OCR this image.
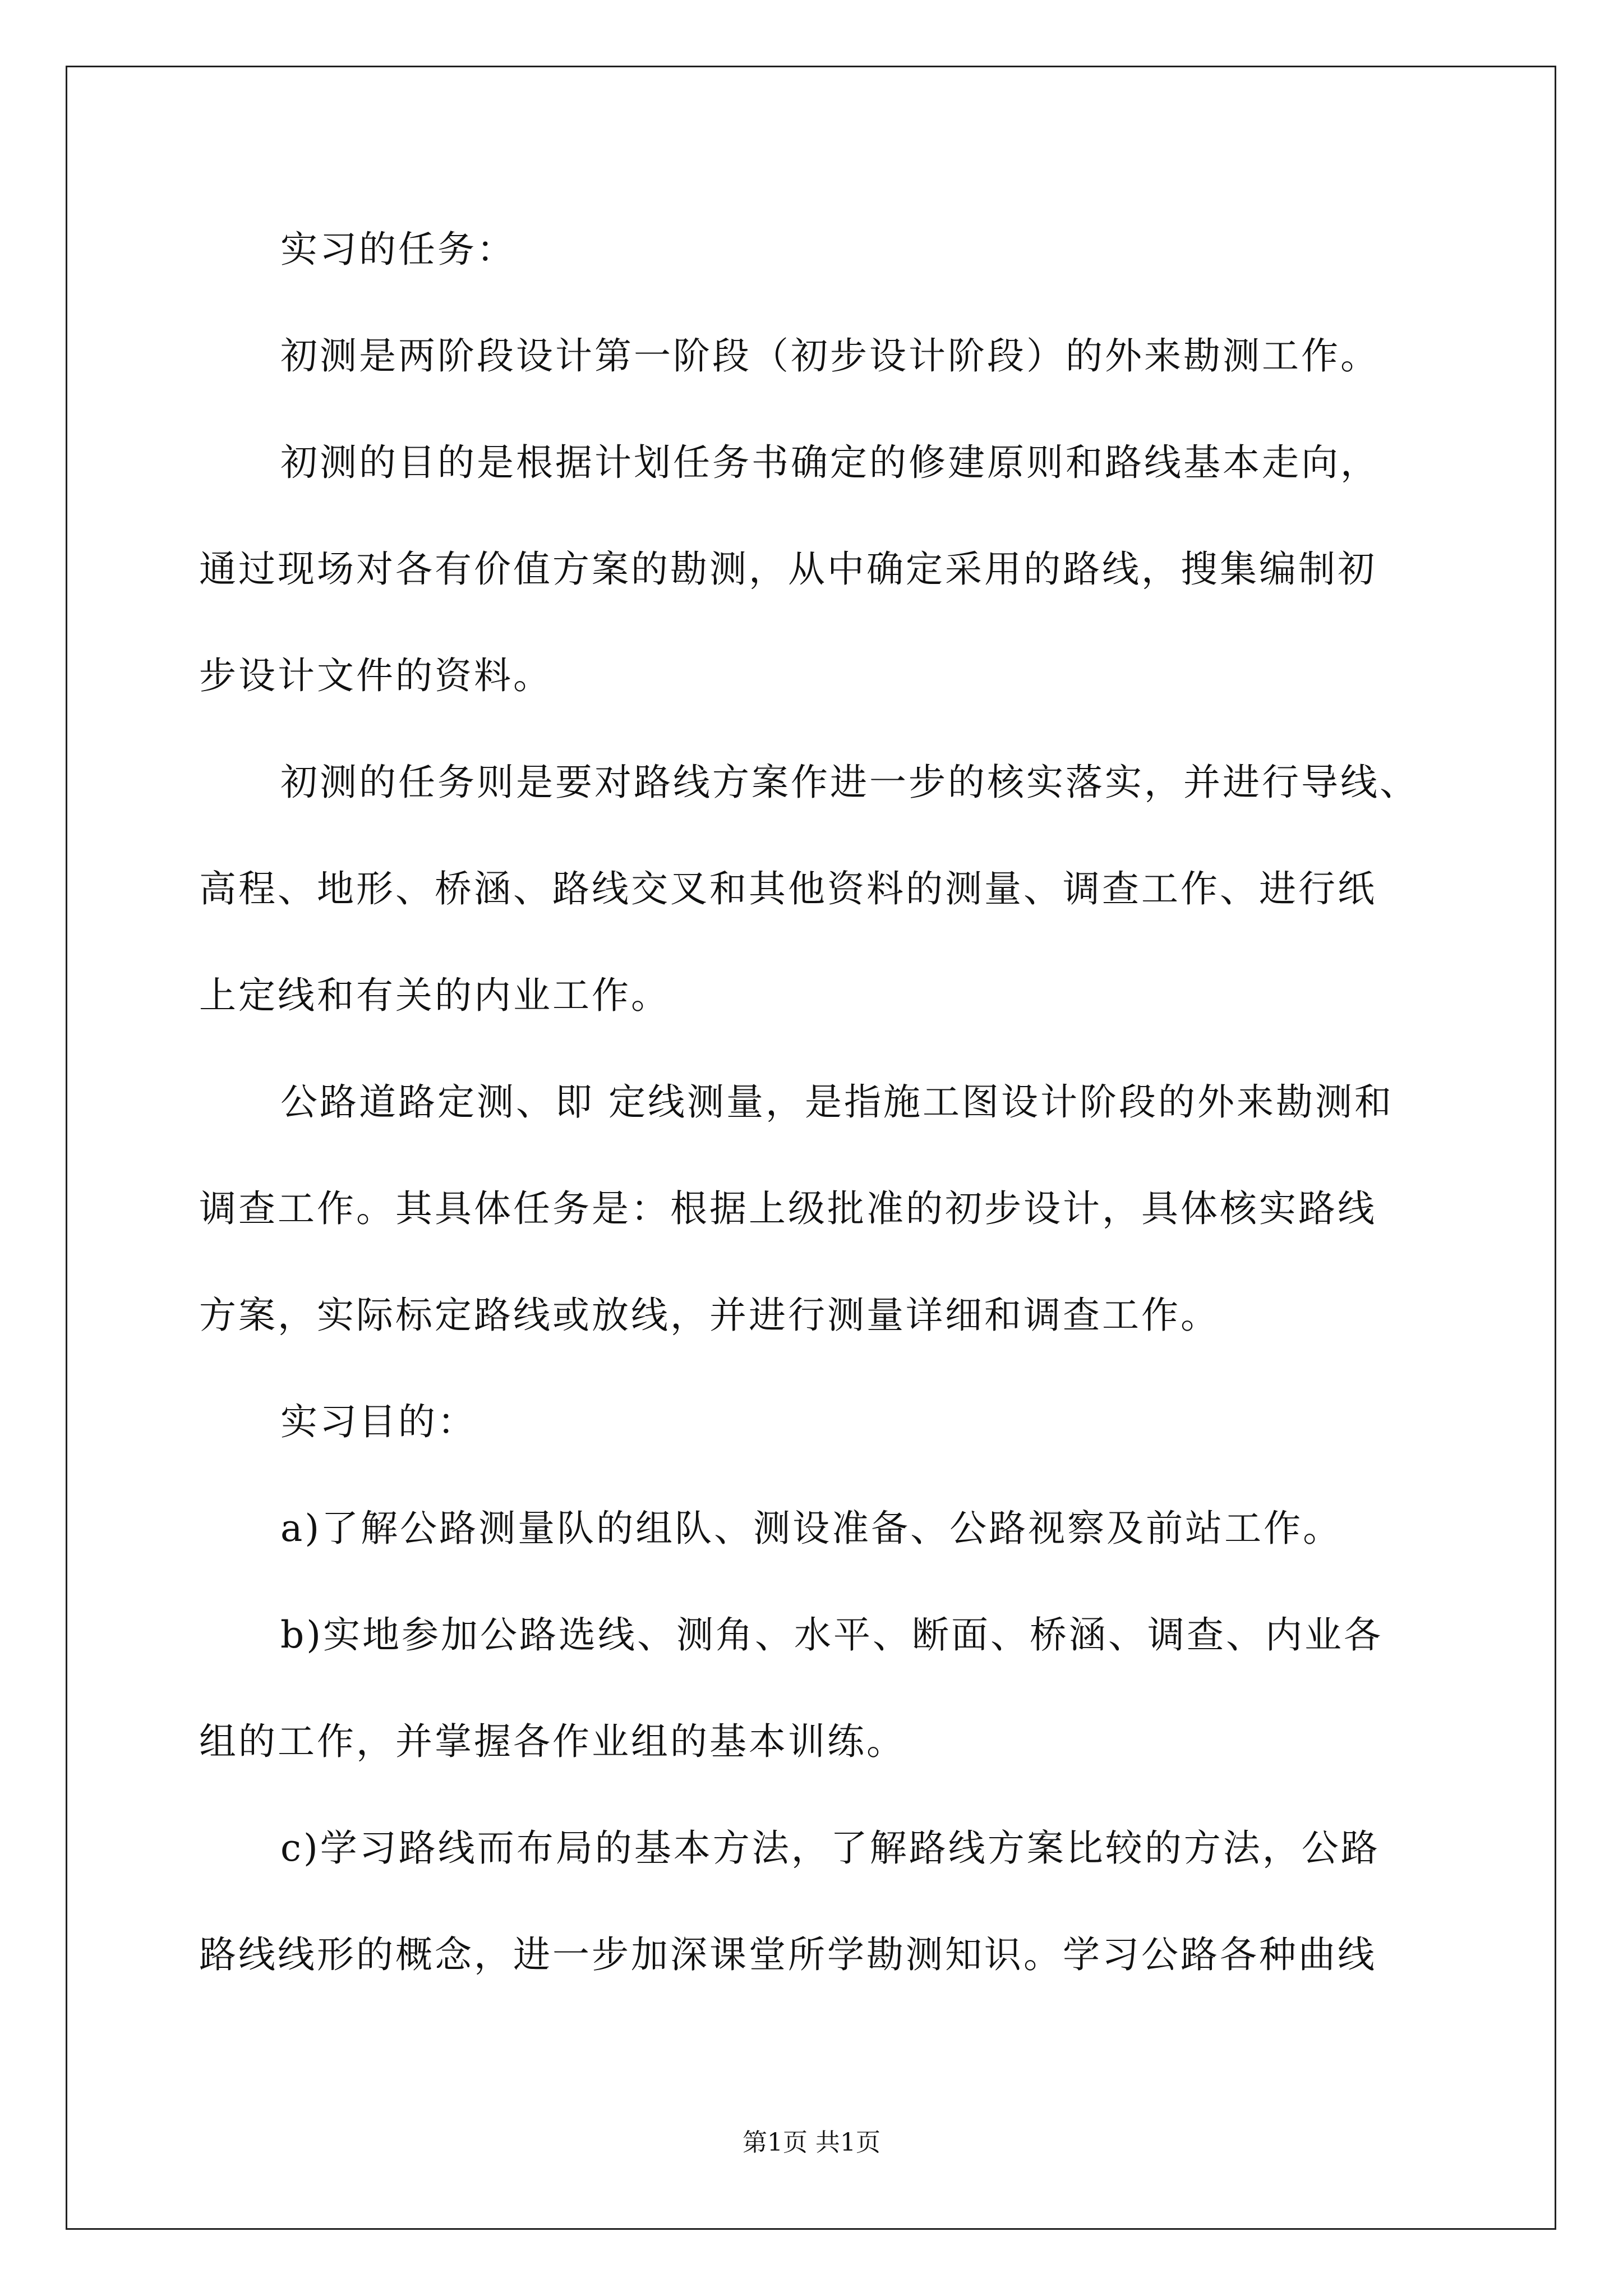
实习的任务：
初测是两阶段设计第一阶段（初步设计阶段）的外来勘测工作。
初测的目的是根据计划任务书确定的修建原则和路线基本走向，
通过现场对各有价值方案的勘测，从中确定采用的路线，搜集编制初
步设计文件的资料。
初测的任务则是要对路线方案作进一步的核实落实，并进行导线、
高程、地形、桥涵、路线交叉和其他资料的测量、调查工作、进行纸
上定线和有关的内业工作。
公路道路定测、即 定线测量，是指施工图设计阶段的外来勘测和
调查工作。其具体任务是：根据上级批准的初步设计，具体核实路线
方案，实际标定路线或放线，并进行测量详细和调查工作。
实习目的：
a)了解公路测量队的组队、测设准备、公路视察及前站工作。
b)实地参加公路选线、测角、水平、断面、桥涵、调查、内业各
组的工作，并掌握各作业组的基本训练。
c)学习路线而布局的基本方法，了解路线方案比较的方法，公路
路线线形的概念，进一步加深课堂所学勘测知识。学习公路各种曲线
第1页 共1页
